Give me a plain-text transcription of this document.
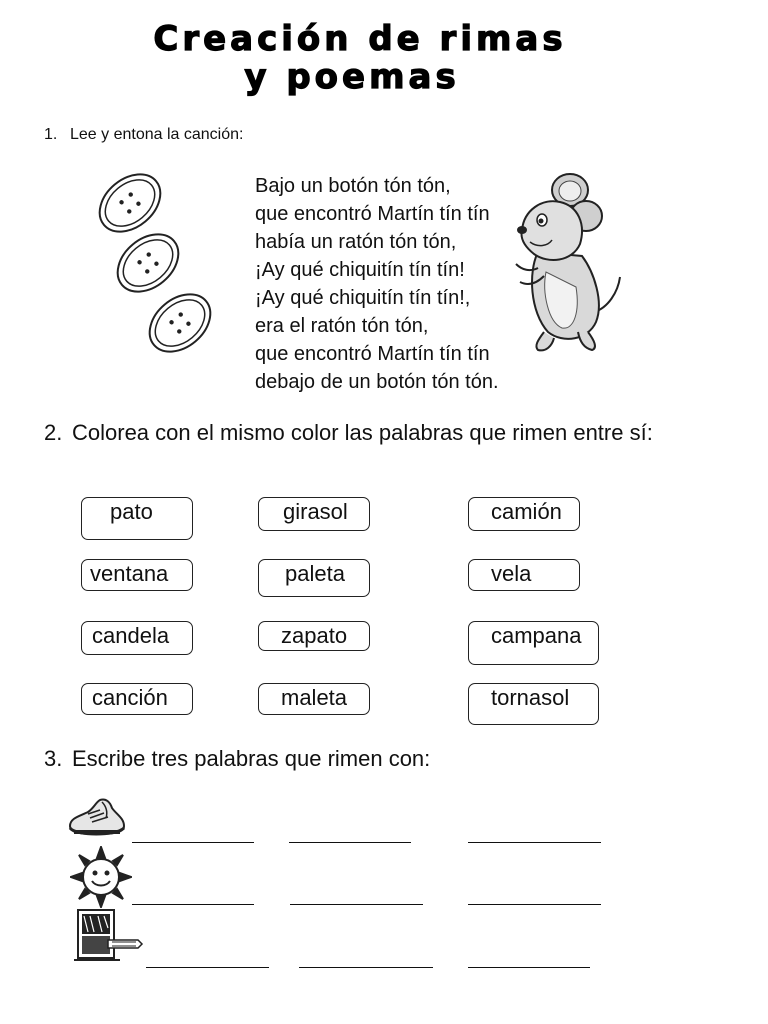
Creación de rimas
y poemas
1. Lee y entona la canción:
Bajo un botón tón tón,
que encontró Martín tín tín
había un ratón tón tón,
¡Ay qué chiquitín tín tín!
¡Ay qué chiquitín tín tín!,
era el ratón tón tón,
que encontró Martín tín tín
debajo de un botón tón tón.
2. Colorea con el mismo color las palabras que rimen entre sí:
pato	girasol	camión
ventana	paleta	vela
candela	zapato	campana
canción	maleta	tornasol
3. Escribe tres palabras que rimen con:
